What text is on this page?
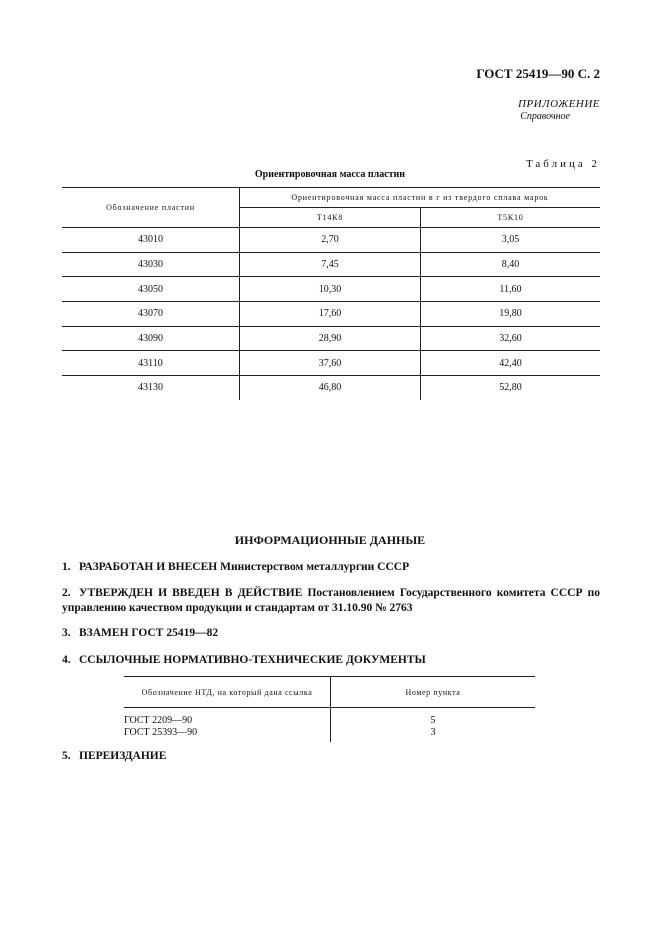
ГОСТ 25419—90 С. 2
ПРИЛОЖЕНИЕ
Справочное
Таблица 2
Ориентировочная масса пластин
Обозначение пластин	Ориентировочная масса пластин в г из твердого сплава марок	
	Т14К8	Т5К10
43010	2,70	3,05
43030	7,45	8,40
43050	10,30	11,60
43070	17,60	19,80
43090	28,90	32,60
43110	37,60	42,40
43130	46,80	52,80
ИНФОРМАЦИОННЫЕ ДАННЫЕ
1. РАЗРАБОТАН И ВНЕСЕН Министерством металлургии СССР
2. УТВЕРЖДЕН И ВВЕДЕН В ДЕЙСТВИЕ Постановлением Государственного комитета СССР по управлению качеством продукции и стандартам от 31.10.90 № 2763
3. ВЗАМЕН ГОСТ 25419—82
4. ССЫЛОЧНЫЕ НОРМАТИВНО-ТЕХНИЧЕСКИЕ ДОКУМЕНТЫ
Обозначение НТД, на который дана ссылка	Номер пункта
ГОСТ 2209—90	5
ГОСТ 25393—90	3
5. ПЕРЕИЗДАНИЕ
